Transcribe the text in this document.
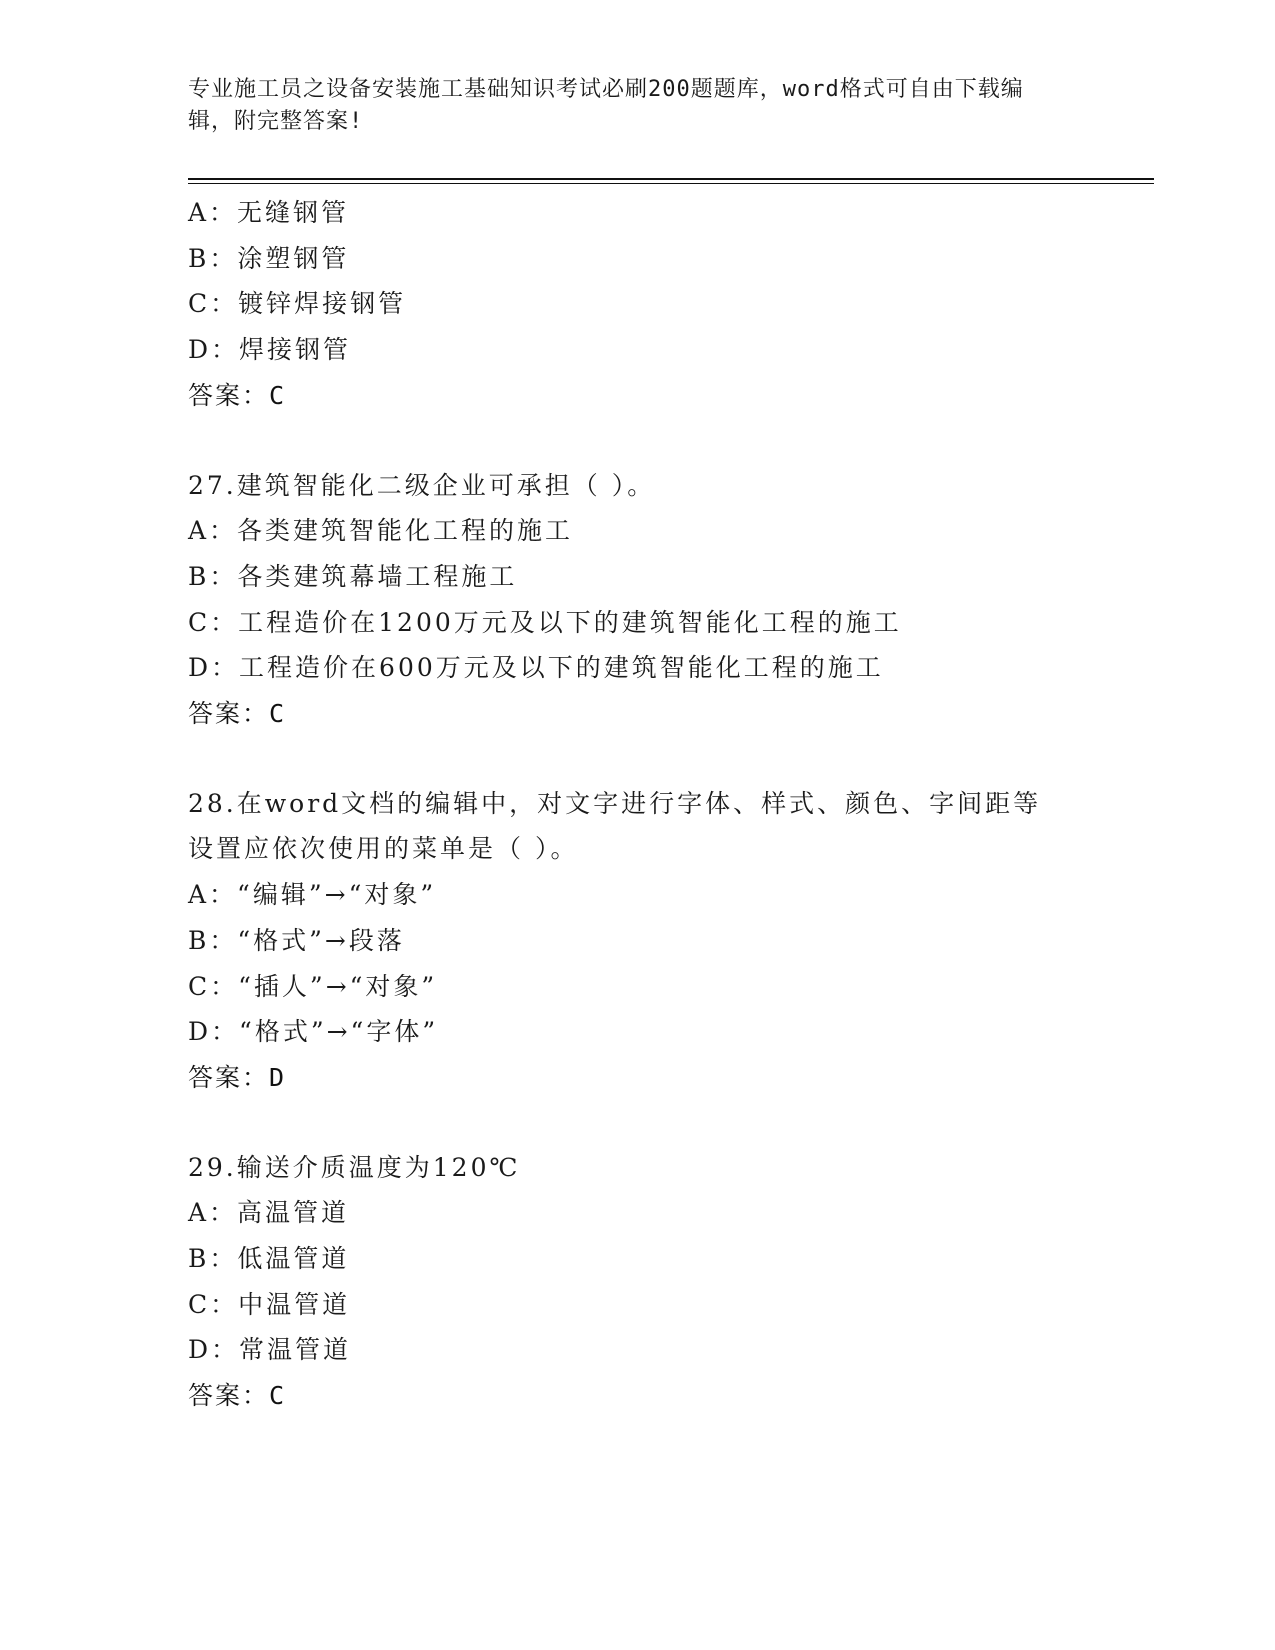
专业施工员之设备安装施工基础知识考试必刷200题题库，word格式可自由下载编辑，附完整答案!
A：无缝钢管
B：涂塑钢管
C：镀锌焊接钢管
D：焊接钢管
答案：C
27.建筑智能化二级企业可承担（ ）。
A：各类建筑智能化工程的施工
B：各类建筑幕墙工程施工
C：工程造价在1200万元及以下的建筑智能化工程的施工
D：工程造价在600万元及以下的建筑智能化工程的施工
答案：C
28.在word文档的编辑中，对文字进行字体、样式、颜色、字间距等
设置应依次使用的菜单是（ ）。
A：“编辑”→“对象”
B：“格式”→段落
C：“插人”→“对象”
D：“格式”→“字体”
答案：D
29.输送介质温度为120℃
A：高温管道
B：低温管道
C：中温管道
D：常温管道
答案：C
